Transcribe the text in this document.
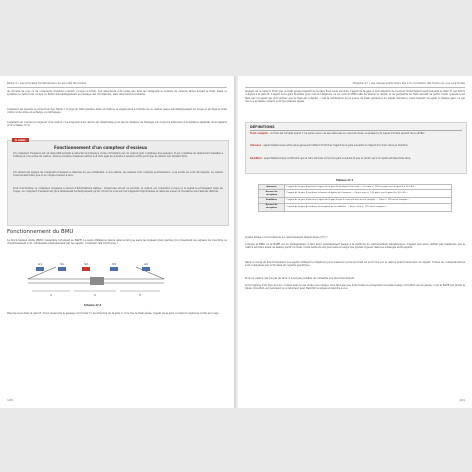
Partie 4 • Les principes fondamentaux de sécurité ferroviaire

de circuits de voie ou de compteurs d'essieux (canton occupé ou libre). Les détecteurs sont reliés aux feux qui indiquent le nombre de cantons libres devant le train. Dans ce système, le canton est occupé ou libéré automatiquement au passage des circulations, sans intervention humaine.

Comment est assurée la protection des trains ? Lorsqu'un train pénètre dans un canton, le signal situé à l'entrée de ce canton passe automatiquement au rouge et protège le train contre toute prise en écharpe ou rattrapage.

Comment est connue la longueur d'un canton ? La longueur d'un canton est déterminée pour que la distance de freinage soit toujours inférieure à la distance séparant deux signaux (voir schéma 17.3).

À noter
Fonctionnement d'un compteur d'essieux

Un compteur d'essieux est un dispositif servant à détecter la présence d'une circulation sur un canton (par comptage des essieux). Il est constitué de détecteurs installés à l'entrée et à la sortie du canton. Ainsi le nombre d'essieux entrés doit être égal au nombre d'essieux sortis pour que le canton soit déclaré libre.

Un canton est équipé de compteurs d'essieux à chacune de ses extrémités. À son entrée, les essieux sont comptés positivement ; à sa sortie, ils sont décomptés. Le canton n'est déclaré libre que si le compte revient à zéro.

Pour fonctionner, le compteur d'essieux a besoin d'informations fiables : lorsqu'une erreur se produit, le canton est considéré occupé et le signal le protégeant reste au rouge. Le compteur d'essieux est plus intéressant techniquement qu'un circuit de voie sur les longueurs importantes et dans les zones où l'isolation des rails est difficile.

Fonctionnement du BMU

Le block manuel unifié (BMU) ressemble fortement au BAPR. La seule différence réside dans le fait que seuls les signaux (feux gardés) qui présentent les signaux de voie libre ou d'avertissement sont commandés manuellement par les agents. Comment cela fonctionne ?

A1	S1	S2	S3	A2
1	2	3
Schéma 17.4

Plaçons-nous dans la gare B. Nous observons le passage d'un train T1 en direction de la gare C. Une fois le train passé, l'agent de la gare A remet le signal de sortie au rouge.

120
Chapitre 17 • Les risques particuliers liés à la circulation des trains sur une voie ferrée

engagé sur le canton. Pour que ce train puisse repartir de la gare B en toute sécurité, l'agent de la gare A doit attendre de recevoir l'information selon laquelle le train T1 est arrivé complet à la gare B. L'agent de la gare B utilise pour cela le téléphone ou un outil du BMU afin de libérer le canton et de permettre au train suivant de partir. Cette opération est faite par un agent qui doit vérifier que le train est complet : c'est la vérification de la queue du train (présence du signal d'arrière). Cela requiert un agent à chaque gare, ce qui rend ce système coûteux pour les grandes lignes.

DÉFINITIONS

Train complet : un train est complet quand il n'a perdu aucun de ses véhicules en cours de route. La présence du signal d'arrière permet de le vérifier.

Annonce : appel téléphonique entre deux gares permettant d'informer l'agent de la gare suivante du départ d'un train dans sa direction.

Redditon : appel téléphonique confirmant que le train est bien arrivé à la gare suivante et que le canton qu'il occupait est désormais libre.

Tableau 17.1
Annonce	L'agent de la gare A prévient l'agent de la gare B du départ d'un train : « Le train n° 125 est parti vers la gare B à 10 h 40. »
Accusé de réception	L'agent de la gare B confirme la bonne réception de l'annonce : « Reçu, train n° 125 parti vers la gare B à 10 h 40. »
Reddition	L'agent de la gare B prévient l'agent de la gare A que le train est bien arrivé complet : « Train n° 125 arrivé complet. »
Accusé de réception	L'agent de la gare A confirme la réception de la reddition : « Reçu, train n° 125 arrivé complet. »

Quand utilise-t-on la méthode du cantonnement téléphonique (CT) ?

Lorsque le BMU ou le BAPR est en dérangement, il faut alors généralement passer à la méthode du cantonnement téléphonique. L'agent doit alors vérifier par téléphone que le canton est libre avant de laisser partir un train. Cette méthode est plus lente et exige une grande rigueur dans les échanges entre agents.

Dans ce mode de fonctionnement, les agents utilisent le téléphone pour s'assurer qu'aucun train ne se trouve sur le canton avant d'autoriser un départ. Toutes les communications sont consignées par écrit dans un registre spécifique.

Pour un canton qui n'a pas de feux, il n'est pas possible de connaître son état directement.

Qu'il s'agisse d'un type de bloc comme dans le cas d'une voie unique, il ne faut pas que deux trains se présentent en même temps. Si la BAL est en panne, c'est le BAPR qui prend le relais. Si la BAL est permissif, le conducteur peut franchir le signal en marche à vue.

121
